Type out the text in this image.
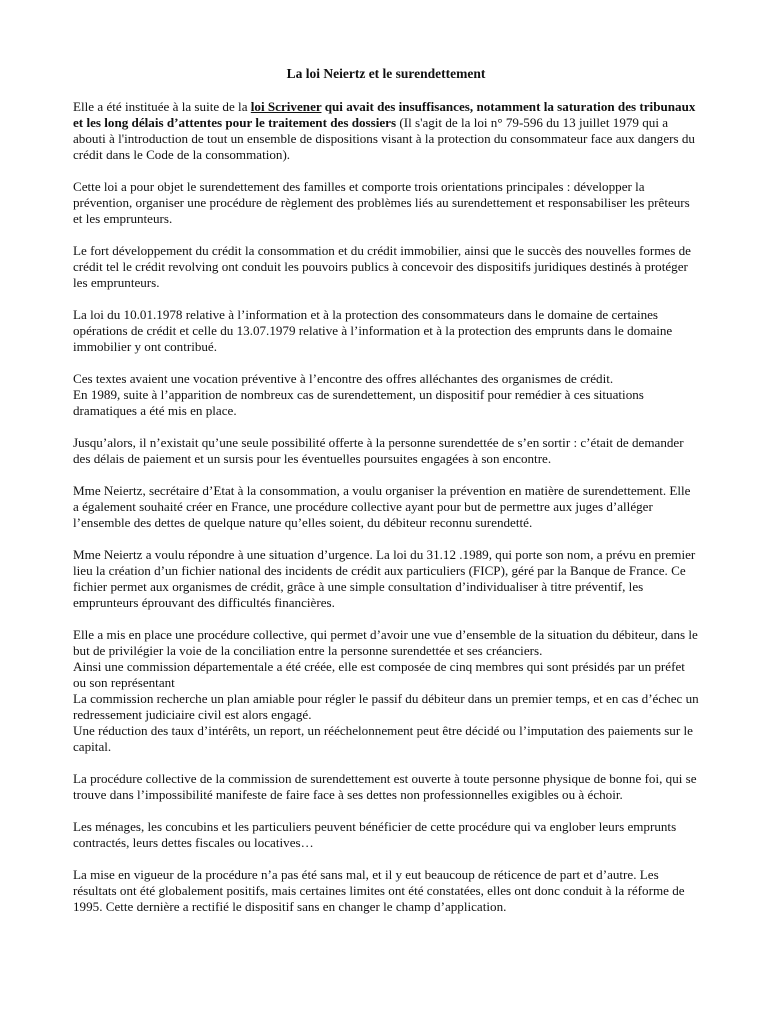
La loi Neiertz et le surendettement

Elle a été instituée à la suite de la loi Scrivener qui avait des insuffisances, notamment la saturation des tribunaux et les long délais d’attentes pour le traitement des dossiers (Il s'agit de la loi n° 79-596 du 13 juillet 1979 qui a abouti à l'introduction de tout un ensemble de dispositions visant à la protection du consommateur face aux dangers du crédit dans le Code de la consommation).

Cette loi a pour objet le surendettement des familles et comporte trois orientations principales : développer la prévention, organiser une procédure de règlement des problèmes liés au surendettement et responsabiliser les prêteurs et les emprunteurs.

Le fort développement du crédit la consommation et du crédit immobilier, ainsi que le succès des nouvelles formes de crédit tel le crédit revolving ont conduit les pouvoirs publics à concevoir des dispositifs juridiques destinés à protéger les emprunteurs.

La loi du 10.01.1978 relative à l’information et à la protection des consommateurs dans le domaine de certaines opérations de crédit et celle du 13.07.1979 relative à l’information et à la protection des emprunts dans le domaine immobilier y ont contribué.

Ces textes avaient une vocation préventive à l’encontre des offres alléchantes des organismes de crédit.
En 1989, suite à l’apparition de nombreux cas de surendettement, un dispositif pour remédier à ces situations dramatiques a été mis en place.

Jusqu’alors, il n’existait qu’une seule possibilité offerte à la personne surendettée de s’en sortir : c’était de demander des délais de paiement et un sursis pour les éventuelles poursuites engagées à son encontre.

Mme Neiertz, secrétaire d’Etat à la consommation, a voulu organiser la prévention en matière de surendettement. Elle a également souhaité créer en France, une procédure collective ayant pour but de permettre aux juges d’alléger l’ensemble des dettes de quelque nature qu’elles soient, du débiteur reconnu surendetté.

Mme Neiertz a voulu répondre à une situation d’urgence. La loi du 31.12 .1989, qui porte son nom, a prévu en premier lieu la création d’un fichier national des incidents de crédit aux particuliers (FICP), géré par la Banque de France. Ce fichier permet aux organismes de crédit, grâce à une simple consultation d’individualiser à titre préventif, les emprunteurs éprouvant des difficultés financières.

Elle a mis en place une procédure collective, qui permet d’avoir une vue d’ensemble de la situation du débiteur, dans le but de privilégier la voie de la conciliation entre la personne surendettée et ses créanciers.
Ainsi une commission départementale a été créée, elle est composée de cinq membres qui sont présidés par un préfet ou son représentant
La commission recherche un plan amiable pour régler le passif du débiteur dans un premier temps, et en cas d’échec un redressement judiciaire civil est alors engagé.
Une réduction des taux d’intérêts, un report, un rééchelonnement peut être décidé ou l’imputation des paiements sur le capital.

La procédure collective de la commission de surendettement est ouverte à toute personne physique de bonne foi, qui se trouve dans l’impossibilité manifeste de faire face à ses dettes non professionnelles exigibles ou à échoir.

Les ménages, les concubins et les particuliers peuvent bénéficier de cette procédure qui va englober leurs emprunts contractés, leurs dettes fiscales ou locatives…

La mise en vigueur de la procédure n’a pas été sans mal, et il y eut beaucoup de réticence de part et d’autre. Les résultats ont été globalement positifs, mais certaines limites ont été constatées, elles ont donc conduit à la réforme de 1995. Cette dernière a rectifié le dispositif sans en changer le champ d’application.
